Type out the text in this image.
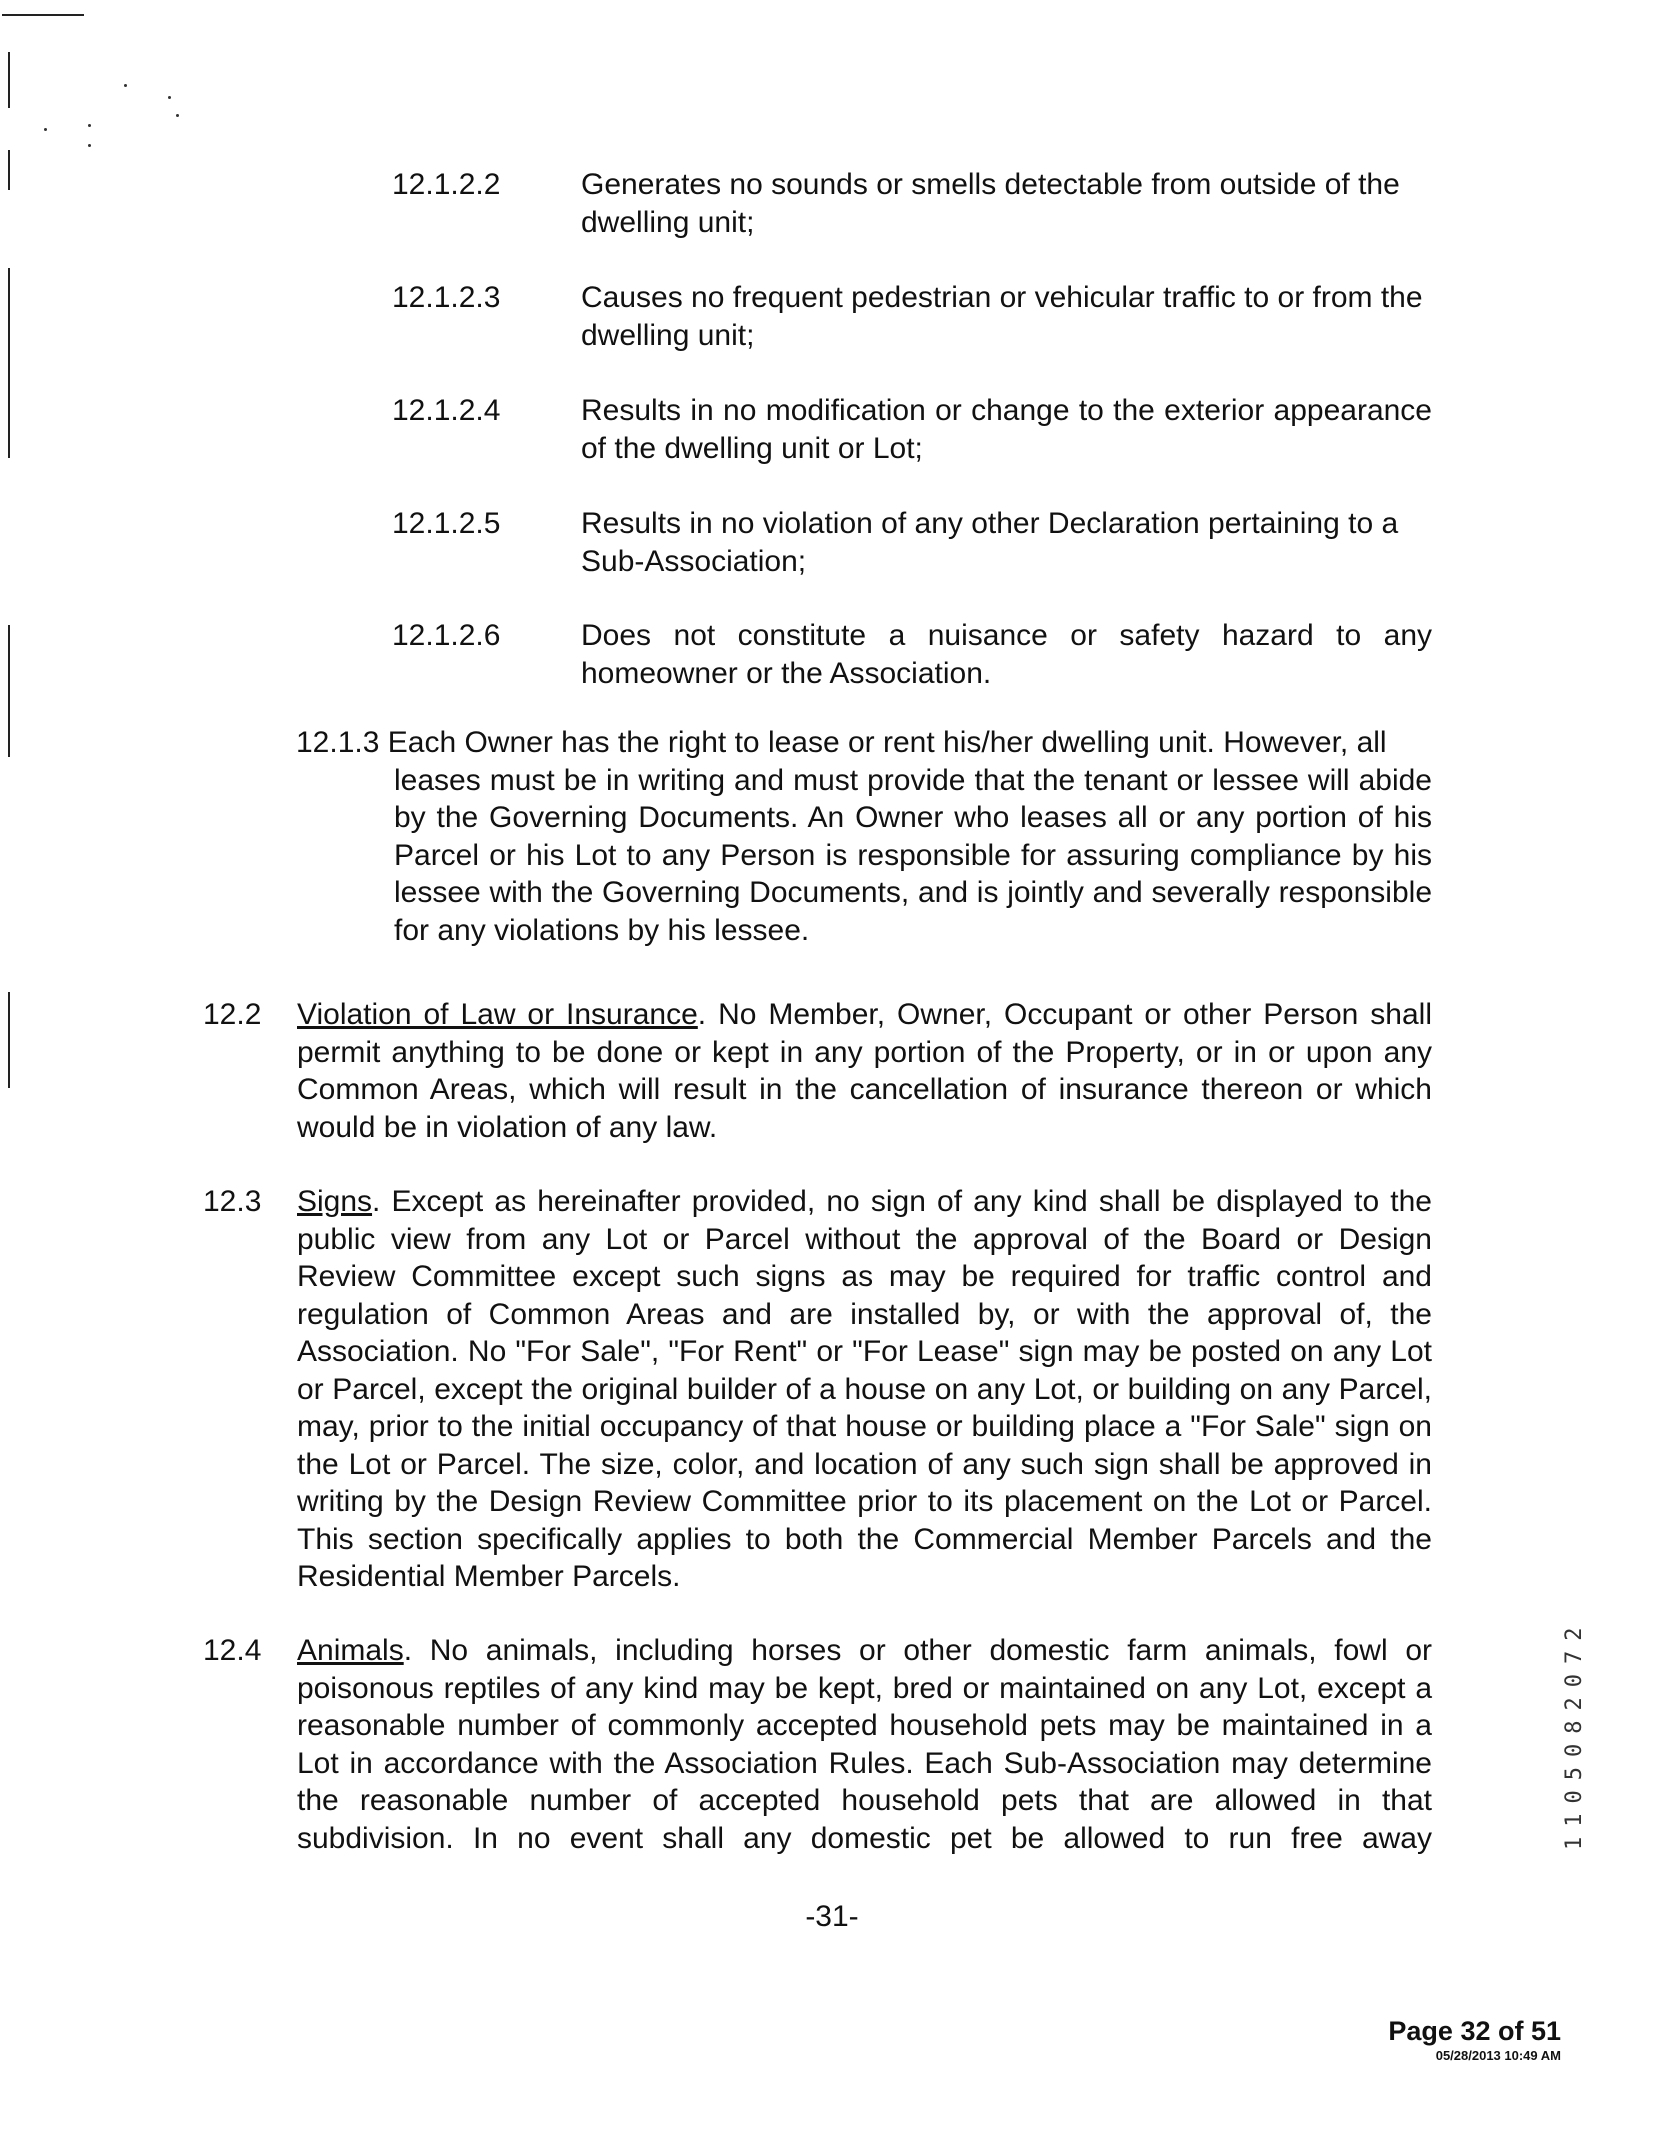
12.1.2.2	Generates no sounds or smells detectable from outside of the dwelling unit;
12.1.2.3	Causes no frequent pedestrian or vehicular traffic to or from the dwelling unit;
12.1.2.4	Results in no modification or change to the exterior appearance of the dwelling unit or Lot;
12.1.2.5	Results in no violation of any other Declaration pertaining to a Sub-Association;
12.1.2.6	Does not constitute a nuisance or safety hazard to any homeowner or the Association.
12.1.3 Each Owner has the right to lease or rent his/her dwelling unit. However, all
leases must be in writing and must provide that the tenant or lessee will abide by the Governing Documents. An Owner who leases all or any portion of his Parcel or his Lot to any Person is responsible for assuring compliance by his lessee with the Governing Documents, and is jointly and severally responsible for any violations by his lessee.
12.2 Violation of Law or Insurance. No Member, Owner, Occupant or other Person shall permit anything to be done or kept in any portion of the Property, or in or upon any Common Areas, which will result in the cancellation of insurance thereon or which would be in violation of any law.
12.3 Signs. Except as hereinafter provided, no sign of any kind shall be displayed to the public view from any Lot or Parcel without the approval of the Board or Design Review Committee except such signs as may be required for traffic control and regulation of Common Areas and are installed by, or with the approval of, the Association. No "For Sale", "For Rent" or "For Lease" sign may be posted on any Lot or Parcel, except the original builder of a house on any Lot, or building on any Parcel, may, prior to the initial occupancy of that house or building place a "For Sale" sign on the Lot or Parcel. The size, color, and location of any such sign shall be approved in writing by the Design Review Committee prior to its placement on the Lot or Parcel. This section specifically applies to both the Commercial Member Parcels and the Residential Member Parcels.
12.4 Animals. No animals, including horses or other domestic farm animals, fowl or poisonous reptiles of any kind may be kept, bred or maintained on any Lot, except a reasonable number of commonly accepted household pets may be maintained in a Lot in accordance with the Association Rules. Each Sub-Association may determine the reasonable number of accepted household pets that are allowed in that subdivision. In no event shall any domestic pet be allowed to run free away
-31-
Page 32 of 51
05/28/2013 10:49 AM
1105082072
